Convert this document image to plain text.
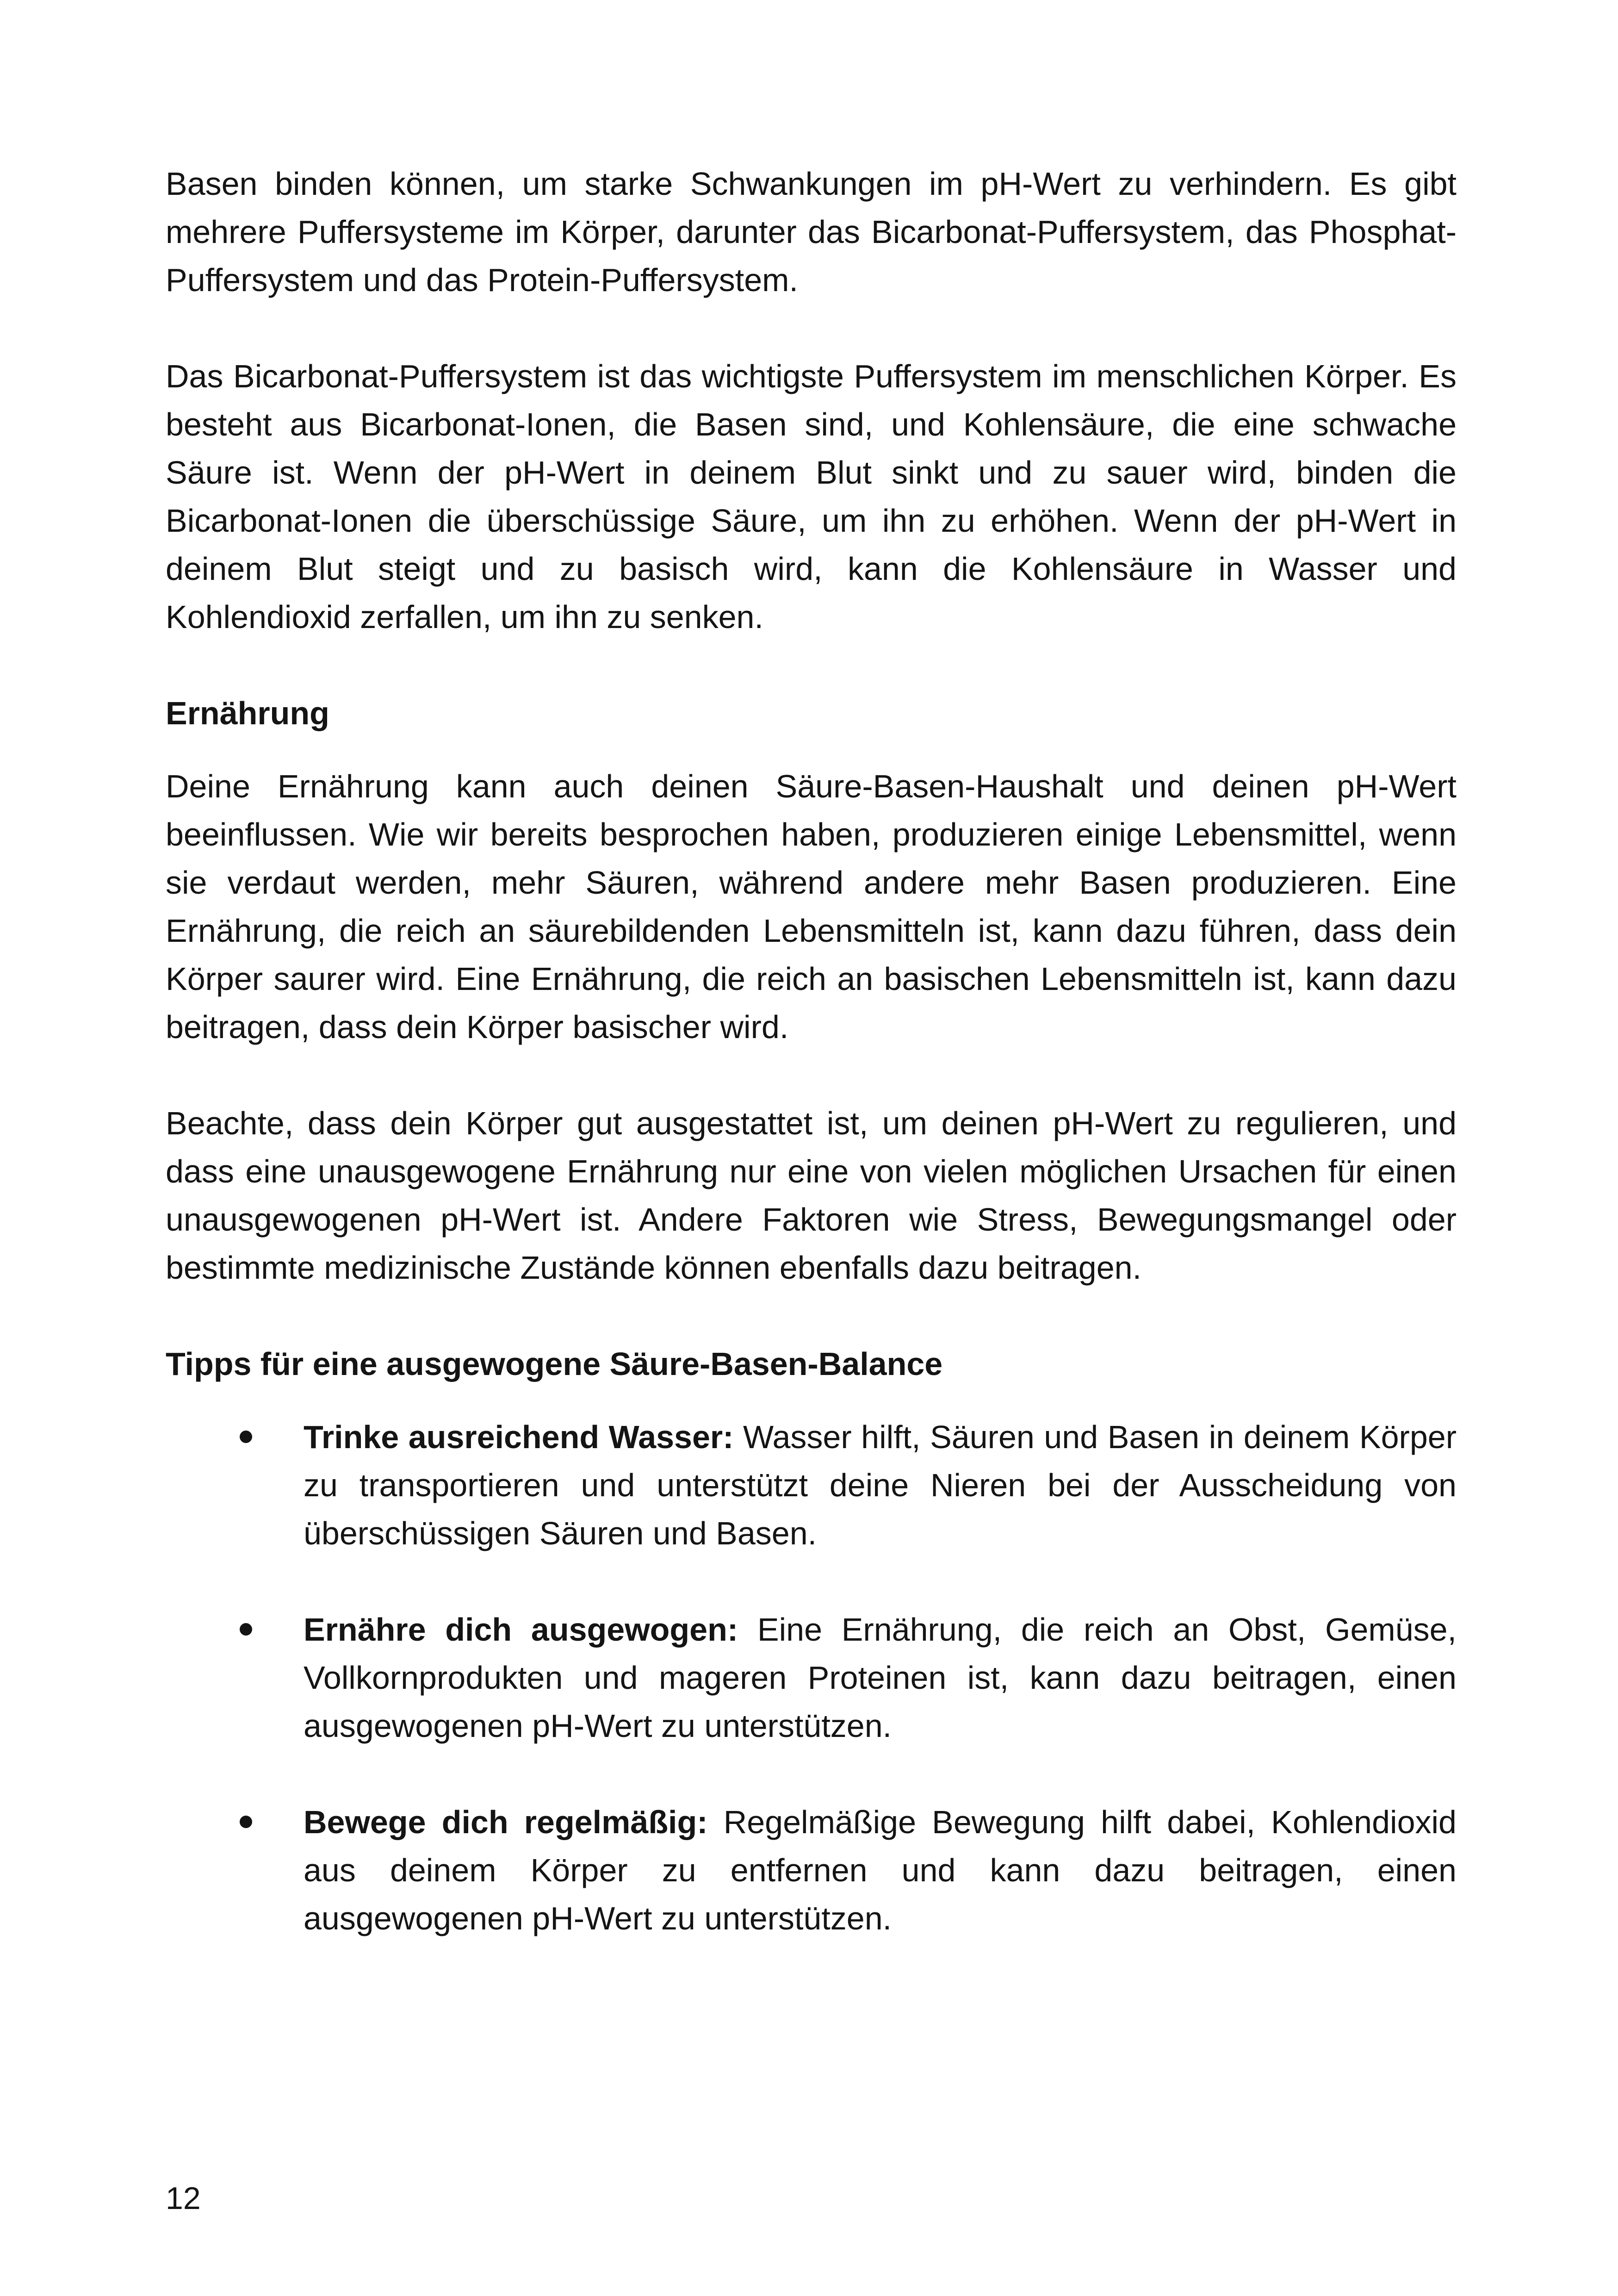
Basen binden können, um starke Schwankungen im pH-Wert zu verhindern. Es gibt mehrere Puffersysteme im Körper, darunter das Bicarbonat-Puffersystem, das Phosphat-Puffersystem und das Protein-Puffersystem.

Das Bicarbonat-Puffersystem ist das wichtigste Puffersystem im menschlichen Körper. Es besteht aus Bicarbonat-Ionen, die Basen sind, und Kohlensäure, die eine schwache Säure ist. Wenn der pH-Wert in deinem Blut sinkt und zu sauer wird, binden die Bicarbonat-Ionen die überschüssige Säure, um ihn zu erhöhen. Wenn der pH-Wert in deinem Blut steigt und zu basisch wird, kann die Kohlensäure in Wasser und Kohlendioxid zerfallen, um ihn zu senken.

Ernährung

Deine Ernährung kann auch deinen Säure-Basen-Haushalt und deinen pH-Wert beeinflussen. Wie wir bereits besprochen haben, produzieren einige Lebensmittel, wenn sie verdaut werden, mehr Säuren, während andere mehr Basen produzieren. Eine Ernährung, die reich an säurebildenden Lebensmitteln ist, kann dazu führen, dass dein Körper saurer wird. Eine Ernährung, die reich an basischen Lebensmitteln ist, kann dazu beitragen, dass dein Körper basischer wird.

Beachte, dass dein Körper gut ausgestattet ist, um deinen pH-Wert zu regulieren, und dass eine unausgewogene Ernährung nur eine von vielen möglichen Ursachen für einen unausgewogenen pH-Wert ist. Andere Faktoren wie Stress, Bewegungsmangel oder bestimmte medizinische Zustände können ebenfalls dazu beitragen.

Tipps für eine ausgewogene Säure-Basen-Balance
Trinke ausreichend Wasser: Wasser hilft, Säuren und Basen in deinem Körper zu transportieren und unterstützt deine Nieren bei der Ausscheidung von überschüssigen Säuren und Basen.
Ernähre dich ausgewogen: Eine Ernährung, die reich an Obst, Gemüse, Vollkornprodukten und mageren Proteinen ist, kann dazu beitragen, einen ausgewogenen pH-Wert zu unterstützen.
Bewege dich regelmäßig: Regelmäßige Bewegung hilft dabei, Kohlendioxid aus deinem Körper zu entfernen und kann dazu beitragen, einen ausgewogenen pH-Wert zu unterstützen.
12
